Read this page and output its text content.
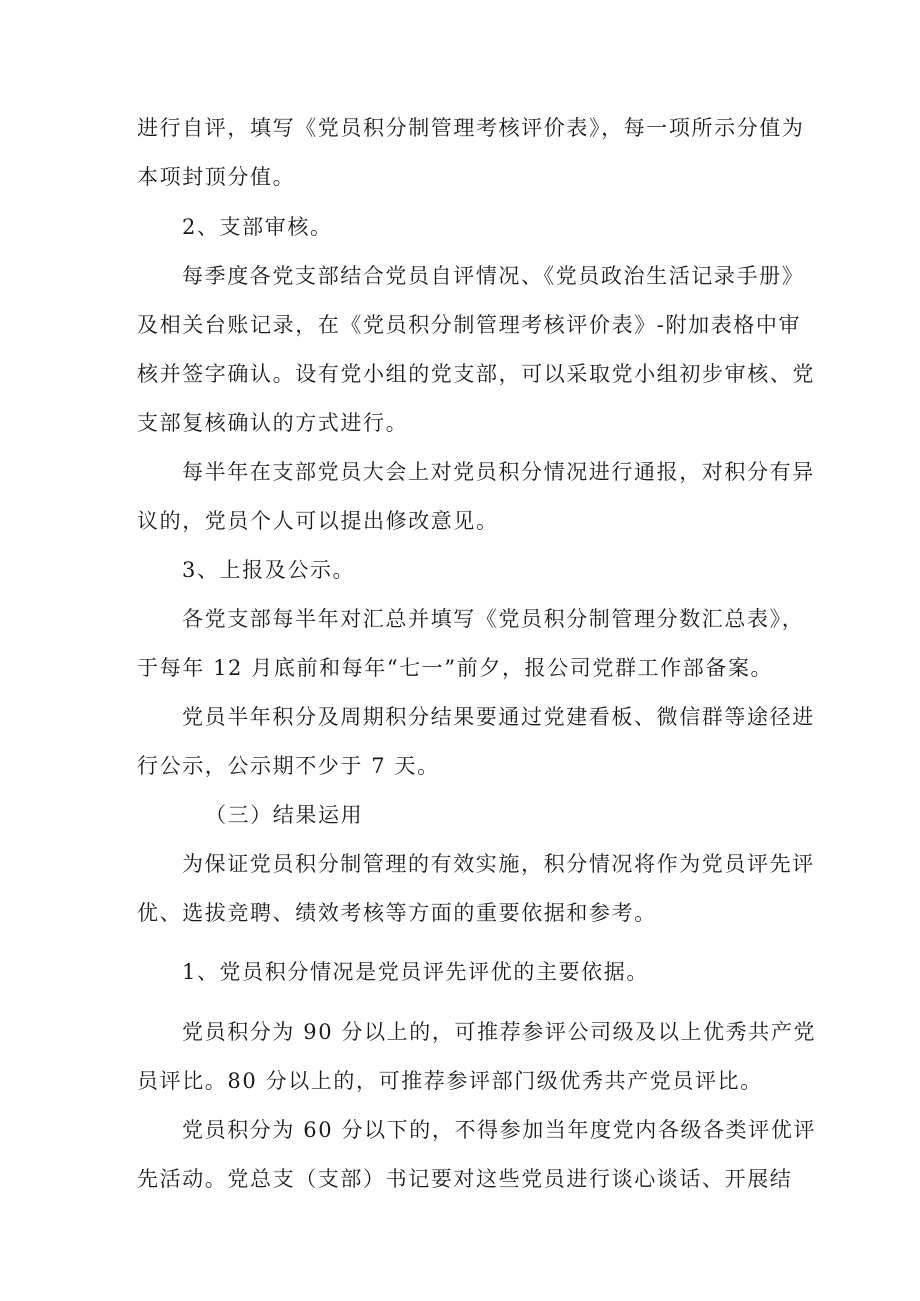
进行自评，填写《党员积分制管理考核评价表》，每一项所示分值为
本项封顶分值。
2、支部审核。
每季度各党支部结合党员自评情况、《党员政治生活记录手册》
及相关台账记录，在《党员积分制管理考核评价表》-附加表格中审
核并签字确认。设有党小组的党支部，可以采取党小组初步审核、党
支部复核确认的方式进行。
每半年在支部党员大会上对党员积分情况进行通报，对积分有异
议的，党员个人可以提出修改意见。
3、上报及公示。
各党支部每半年对汇总并填写《党员积分制管理分数汇总表》，
于每年 12 月底前和每年“七一”前夕，报公司党群工作部备案。
党员半年积分及周期积分结果要通过党建看板、微信群等途径进
行公示，公示期不少于 7 天。
（三）结果运用
为保证党员积分制管理的有效实施，积分情况将作为党员评先评
优、选拔竞聘、绩效考核等方面的重要依据和参考。
1、党员积分情况是党员评先评优的主要依据。
党员积分为 90 分以上的，可推荐参评公司级及以上优秀共产党
员评比。80 分以上的，可推荐参评部门级优秀共产党员评比。
党员积分为 60 分以下的，不得参加当年度党内各级各类评优评
先活动。党总支（支部）书记要对这些党员进行谈心谈话、开展结
